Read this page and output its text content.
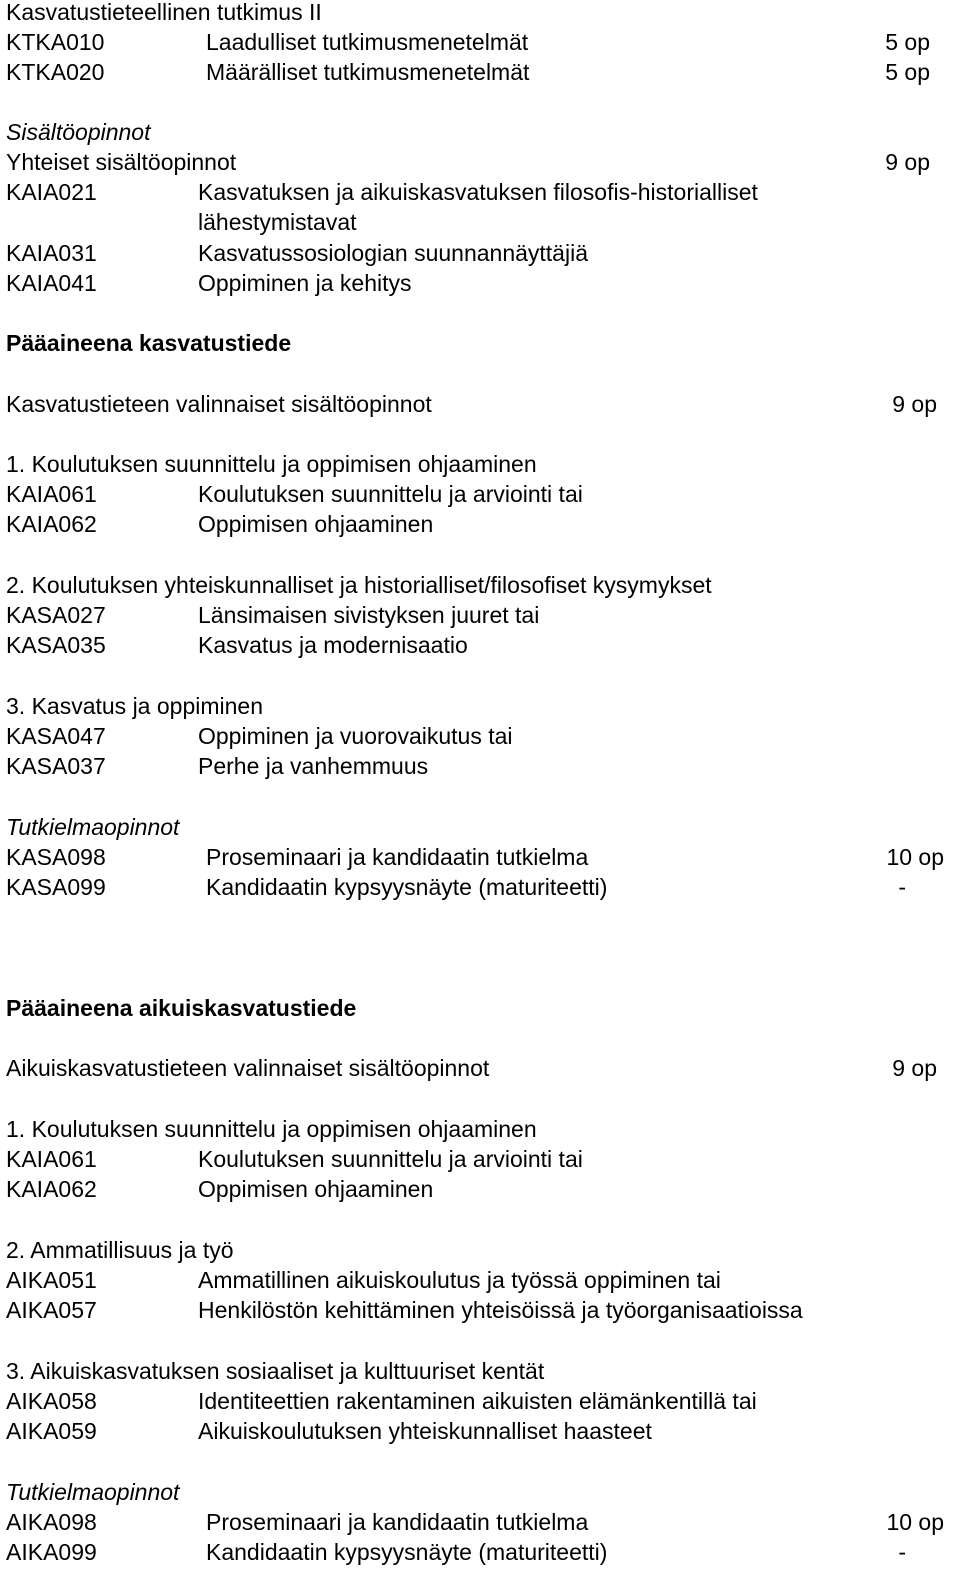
Kasvatustieteellinen tutkimus II
KTKA010	Laadulliset tutkimusmenetelmät	5 op
KTKA020	Määrälliset tutkimusmenetelmät	5 op
Sisältöopinnot
Yhteiset sisältöopinnot	9 op
KAIA021	Kasvatuksen ja aikuiskasvatuksen filosofis-historialliset
lähestymistavat
KAIA031	Kasvatussosiologian suunnannäyttäjiä
KAIA041	Oppiminen ja kehitys
Pääaineena kasvatustiede
Kasvatustieteen valinnaiset sisältöopinnot	9 op
1. Koulutuksen suunnittelu ja oppimisen ohjaaminen
KAIA061	Koulutuksen suunnittelu ja arviointi tai
KAIA062	Oppimisen ohjaaminen
2. Koulutuksen yhteiskunnalliset ja historialliset/filosofiset kysymykset
KASA027	Länsimaisen sivistyksen juuret tai
KASA035	Kasvatus ja modernisaatio
3. Kasvatus ja oppiminen
KASA047	Oppiminen ja vuorovaikutus tai
KASA037	Perhe ja vanhemmuus
Tutkielmaopinnot
KASA098	Proseminaari ja kandidaatin tutkielma	10 op
KASA099	Kandidaatin kypsyysnäyte (maturiteetti)	-
Pääaineena aikuiskasvatustiede
Aikuiskasvatustieteen valinnaiset sisältöopinnot	9 op
1. Koulutuksen suunnittelu ja oppimisen ohjaaminen
KAIA061	Koulutuksen suunnittelu ja arviointi tai
KAIA062	Oppimisen ohjaaminen
2. Ammatillisuus ja työ
AIKA051	Ammatillinen aikuiskoulutus ja työssä oppiminen tai
AIKA057	Henkilöstön kehittäminen yhteisöissä ja työorganisaatioissa
3. Aikuiskasvatuksen sosiaaliset ja kulttuuriset kentät
AIKA058	Identiteettien rakentaminen aikuisten elämänkentillä tai
AIKA059	Aikuiskoulutuksen yhteiskunnalliset haasteet
Tutkielmaopinnot
AIKA098	Proseminaari ja kandidaatin tutkielma	10 op
AIKA099	Kandidaatin kypsyysnäyte (maturiteetti)	-
